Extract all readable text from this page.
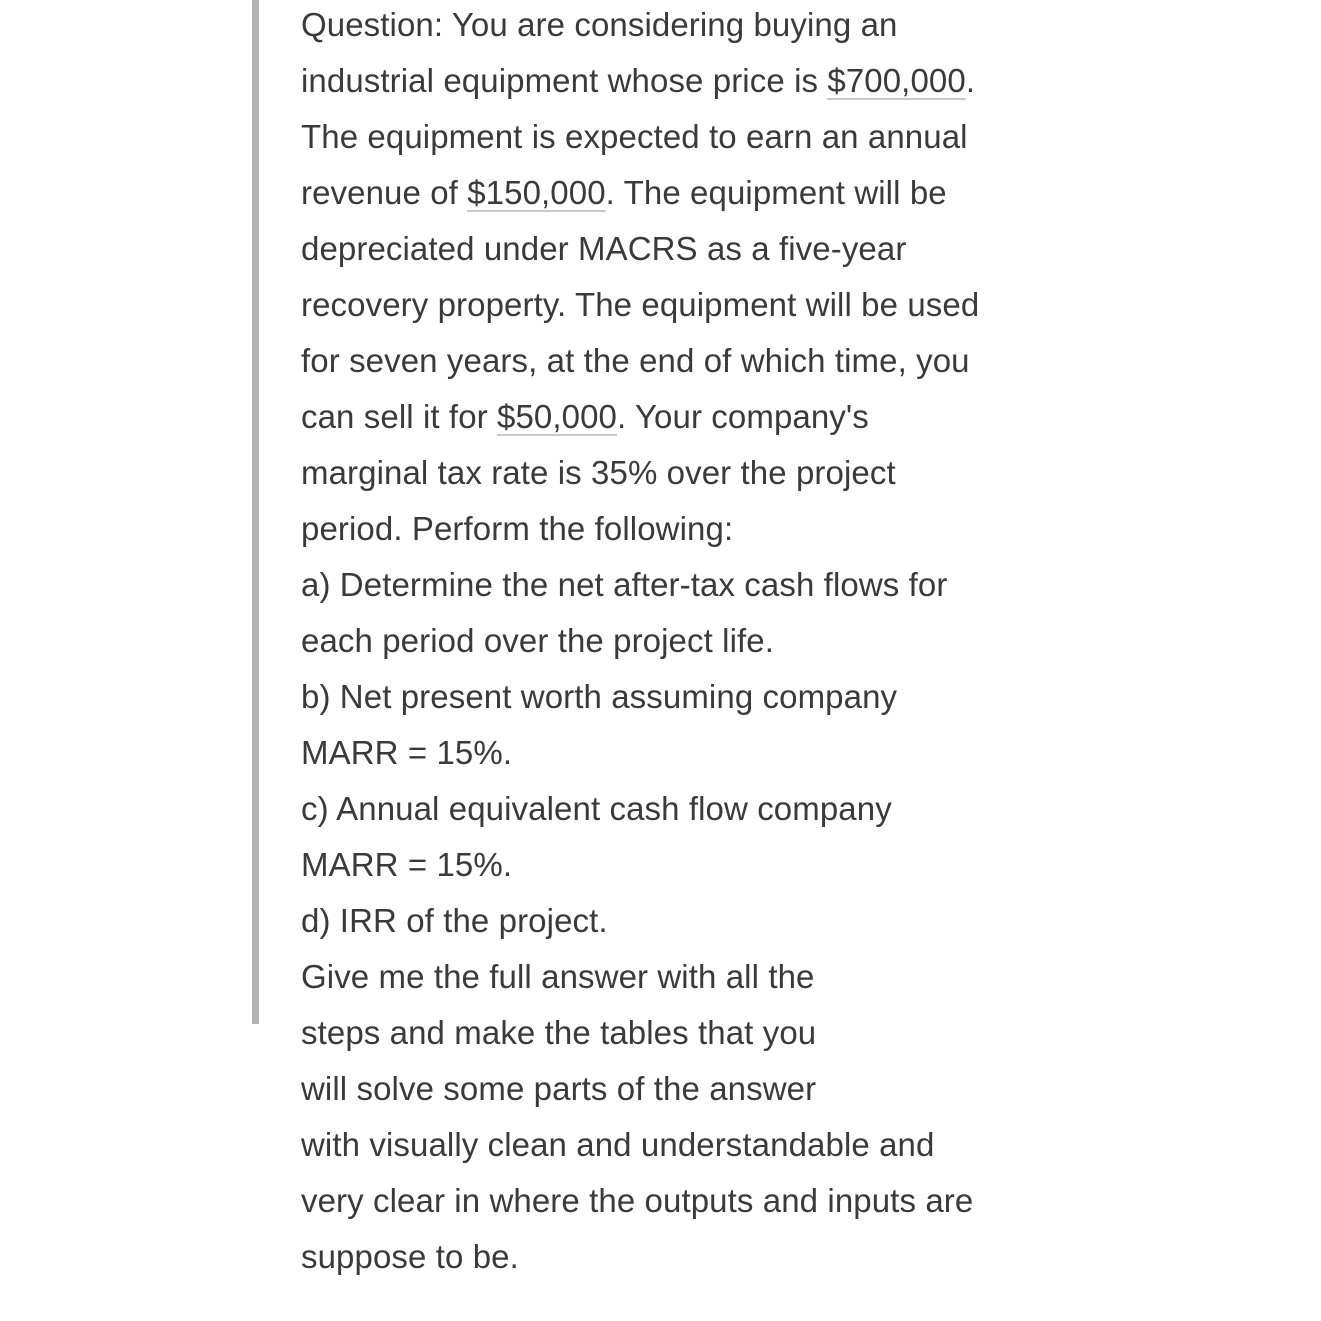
Question: You are considering buying an
industrial equipment whose price is $700,000.
The equipment is expected to earn an annual
revenue of $150,000. The equipment will be
depreciated under MACRS as a five-year
recovery property. The equipment will be used
for seven years, at the end of which time, you
can sell it for $50,000. Your company's
marginal tax rate is 35% over the project
period. Perform the following:
a) Determine the net after-tax cash flows for
each period over the project life.
b) Net present worth assuming company
MARR = 15%.
c) Annual equivalent cash flow company
MARR = 15%.
d) IRR of the project.
Give me the full answer with all the
steps and make the tables that you
will solve some parts of the answer
with visually clean and understandable and
very clear in where the outputs and inputs are
suppose to be.
